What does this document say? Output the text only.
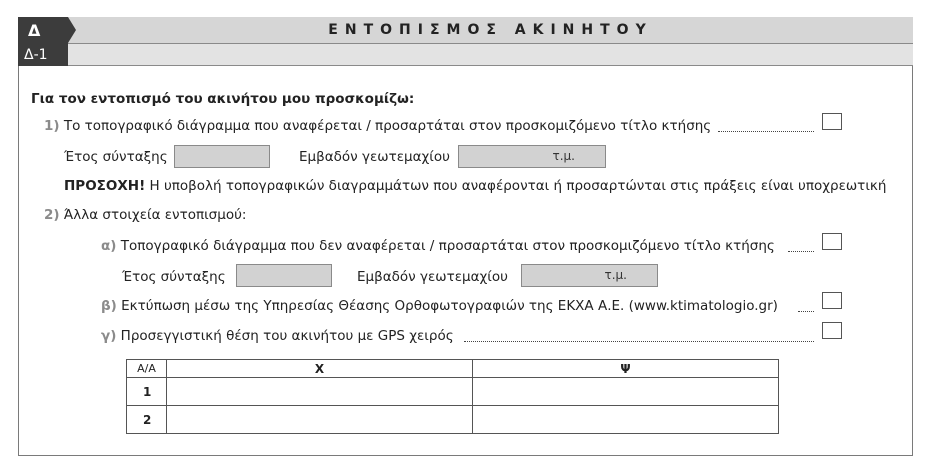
Δ
Δ-1
ΕΝΤΟΠΙΣΜΟΣ ΑΚΙΝΗΤΟΥ
Για τον εντοπισμό του ακινήτου μου προσκομίζω:
1) Το τοπογραφικό διάγραμμα που αναφέρεται / προσαρτάται στον προσκομιζόμενο τίτλο κτήσης
Έτος σύνταξης	Εμβαδόν γεωτεμαχίου	τ.μ.
ΠΡΟΣΟΧΗ! Η υποβολή τοπογραφικών διαγραμμάτων που αναφέρονται ή προσαρτώνται στις πράξεις είναι υποχρεωτική
2) Άλλα στοιχεία εντοπισμού:
α) Τοπογραφικό διάγραμμα που δεν αναφέρεται / προσαρτάται στον προσκομιζόμενο τίτλο κτήσης
Έτος σύνταξης	Εμβαδόν γεωτεμαχίου	τ.μ.
β) Εκτύπωση μέσω της Υπηρεσίας Θέασης Ορθοφωτογραφιών της ΕΚΧΑ Α.Ε. (www.ktimatologio.gr)
γ) Προσεγγιστική θέση του ακινήτου με GPS χειρός
Α/Α	Χ	Ψ
1		
2		
